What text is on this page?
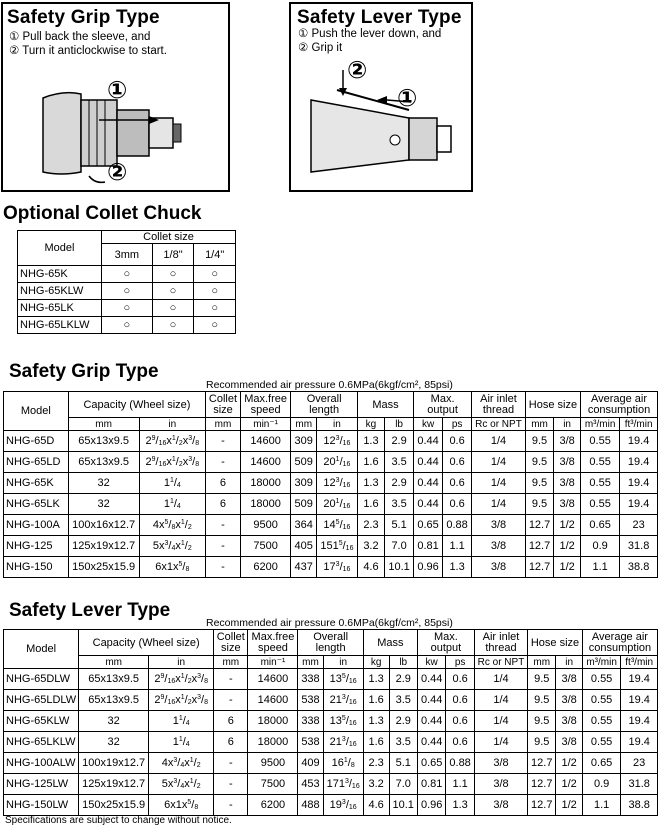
Safety Grip Type
① Pull back the sleeve, and
② Turn it anticlockwise to start.
①
②
Safety Lever Type
① Push the lever down, and
② Grip it
②
①
Optional Collet Chuck
Model	Collet size		
	3mm	1/8"	1/4"
NHG-65K	○	○	○
NHG-65KLW	○	○	○
NHG-65LK	○	○	○
NHG-65LKLW	○	○	○
Safety Grip Type
Recommended air pressure 0.6MPa(6kgf/cm², 85psi)
Model	Capacity (Wheel size)		Collet size	Max.free speed	Overall length		Mass		Max. output		Air inlet thread	Hose size		Average air consumption	
	mm	in	mm	min⁻¹	mm	in	kg	lb	kw	ps	Rc or NPT	mm	in	m³/min	ft³/min
NHG-65D	65x13x9.5	$2^9/_{16}x^1/_2x^3/_8$	-	14600	309	$12^3/_{16}$	1.3	2.9	0.44	0.6	1/4	9.5	3/8	0.55	19.4
NHG-65LD	65x13x9.5	$2^9/_{16}x^1/_2x^3/_8$	-	14600	509	$20^1/_{16}$	1.6	3.5	0.44	0.6	1/4	9.5	3/8	0.55	19.4
NHG-65K	32	$1^1/_4$	6	18000	309	$12^3/_{16}$	1.3	2.9	0.44	0.6	1/4	9.5	3/8	0.55	19.4
NHG-65LK	32	$1^1/_4$	6	18000	509	$20^1/_{16}$	1.6	3.5	0.44	0.6	1/4	9.5	3/8	0.55	19.4
NHG-100A	100x16x12.7	$4x^5/_8x^1/_2$	-	9500	364	$14^5/_{16}$	2.3	5.1	0.65	0.88	3/8	12.7	1/2	0.65	23
NHG-125	125x19x12.7	$5x^3/_4x^1/_2$	-	7500	405	$151^5/_{16}$	3.2	7.0	0.81	1.1	3/8	12.7	1/2	0.9	31.8
NHG-150	150x25x15.9	$6x1x^5/_8$	-	6200	437	$17^3/_{16}$	4.6	10.1	0.96	1.3	3/8	12.7	1/2	1.1	38.8
Safety Lever Type
Recommended air pressure 0.6MPa(6kgf/cm², 85psi)
Model	Capacity (Wheel size)		Collet size	Max.free speed	Overall length		Mass		Max. output		Air inlet thread	Hose size		Average air consumption	
	mm	in	mm	min⁻¹	mm	in	kg	lb	kw	ps	Rc or NPT	mm	in	m³/min	ft³/min
NHG-65DLW	65x13x9.5	$2^9/_{16}x^1/_2x^3/_8$	-	14600	338	$13^5/_{16}$	1.3	2.9	0.44	0.6	1/4	9.5	3/8	0.55	19.4
NHG-65LDLW	65x13x9.5	$2^9/_{16}x^1/_2x^3/_8$	-	14600	538	$21^3/_{16}$	1.6	3.5	0.44	0.6	1/4	9.5	3/8	0.55	19.4
NHG-65KLW	32	$1^1/_4$	6	18000	338	$13^5/_{16}$	1.3	2.9	0.44	0.6	1/4	9.5	3/8	0.55	19.4
NHG-65LKLW	32	$1^1/_4$	6	18000	538	$21^3/_{16}$	1.6	3.5	0.44	0.6	1/4	9.5	3/8	0.55	19.4
NHG-100ALW	100x19x12.7	$4x^3/_4x^1/_2$	-	9500	409	$16^1/_8$	2.3	5.1	0.65	0.88	3/8	12.7	1/2	0.65	23
NHG-125LW	125x19x12.7	$5x^3/_4x^1/_2$	-	7500	453	$171^3/_{16}$	3.2	7.0	0.81	1.1	3/8	12.7	1/2	0.9	31.8
NHG-150LW	150x25x15.9	$6x1x^5/_8$	-	6200	488	$19^3/_{16}$	4.6	10.1	0.96	1.3	3/8	12.7	1/2	1.1	38.8
Specifications are subject to change without notice.
